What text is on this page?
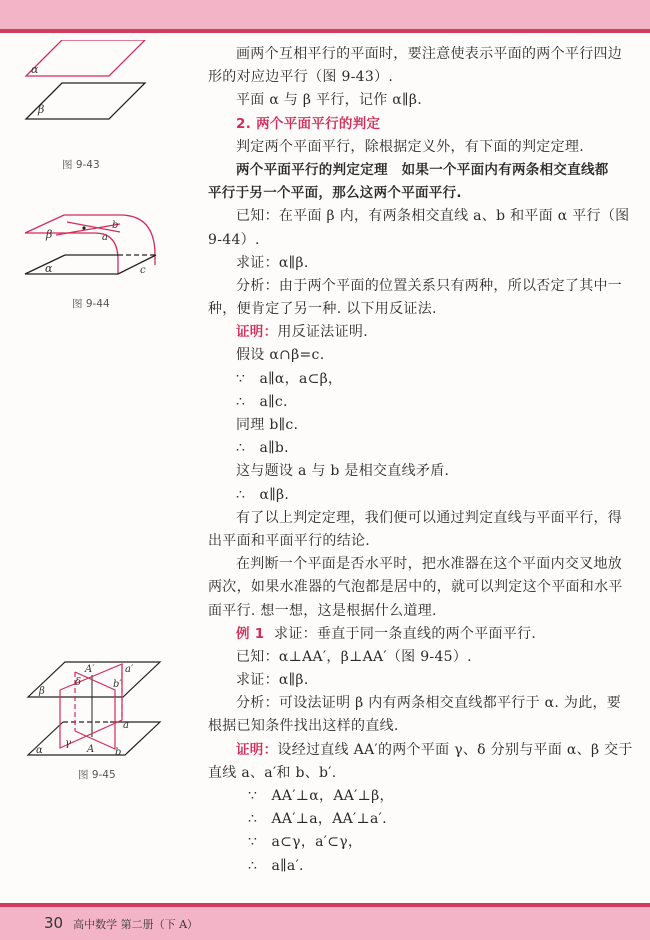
α
β
图 9-43
β
b
a
α	c
图 9-44
β
δ
A′	a′
b′
a
γ
A b
α
图 9-45
画两个互相平行的平面时，要注意使表示平面的两个平行四边
形的对应边平行（图 9-43）.
平面 α 与 β 平行，记作 α∥β.
2. 两个平面平行的判定
判定两个平面平行，除根据定义外，有下面的判定定理.
两个平面平行的判定定理　如果一个平面内有两条相交直线都
平行于另一个平面，那么这两个平面平行.
已知：在平面 β 内，有两条相交直线 a、b 和平面 α 平行（图
9-44）.
求证：α∥β.
分析：由于两个平面的位置关系只有两种，所以否定了其中一
种，便肯定了另一种. 以下用反证法.
证明：用反证法证明.
假设 α∩β=c.
∵　a∥α，a⊂β，
∴　a∥c.
同理 b∥c.
∴　a∥b.
这与题设 a 与 b 是相交直线矛盾.
∴　α∥β.
有了以上判定定理，我们便可以通过判定直线与平面平行，得
出平面和平面平行的结论.
在判断一个平面是否水平时，把水准器在这个平面内交叉地放
两次，如果水准器的气泡都是居中的，就可以判定这个平面和水平
面平行. 想一想，这是根据什么道理.
例 1 求证：垂直于同一条直线的两个平面平行.
已知：α⊥AA′，β⊥AA′（图 9-45）.
求证：α∥β.
分析：可设法证明 β 内有两条相交直线都平行于 α. 为此，要
根据已知条件找出这样的直线.
证明：设经过直线 AA′的两个平面 γ、δ 分别与平面 α、β 交于
直线 a、a′和 b、b′.
∵　AA′⊥α，AA′⊥β，
∴　AA′⊥a，AA′⊥a′.
∵　a⊂γ，a′⊂γ，
∴　a∥a′.
30 高中数学 第二册（下 A）
